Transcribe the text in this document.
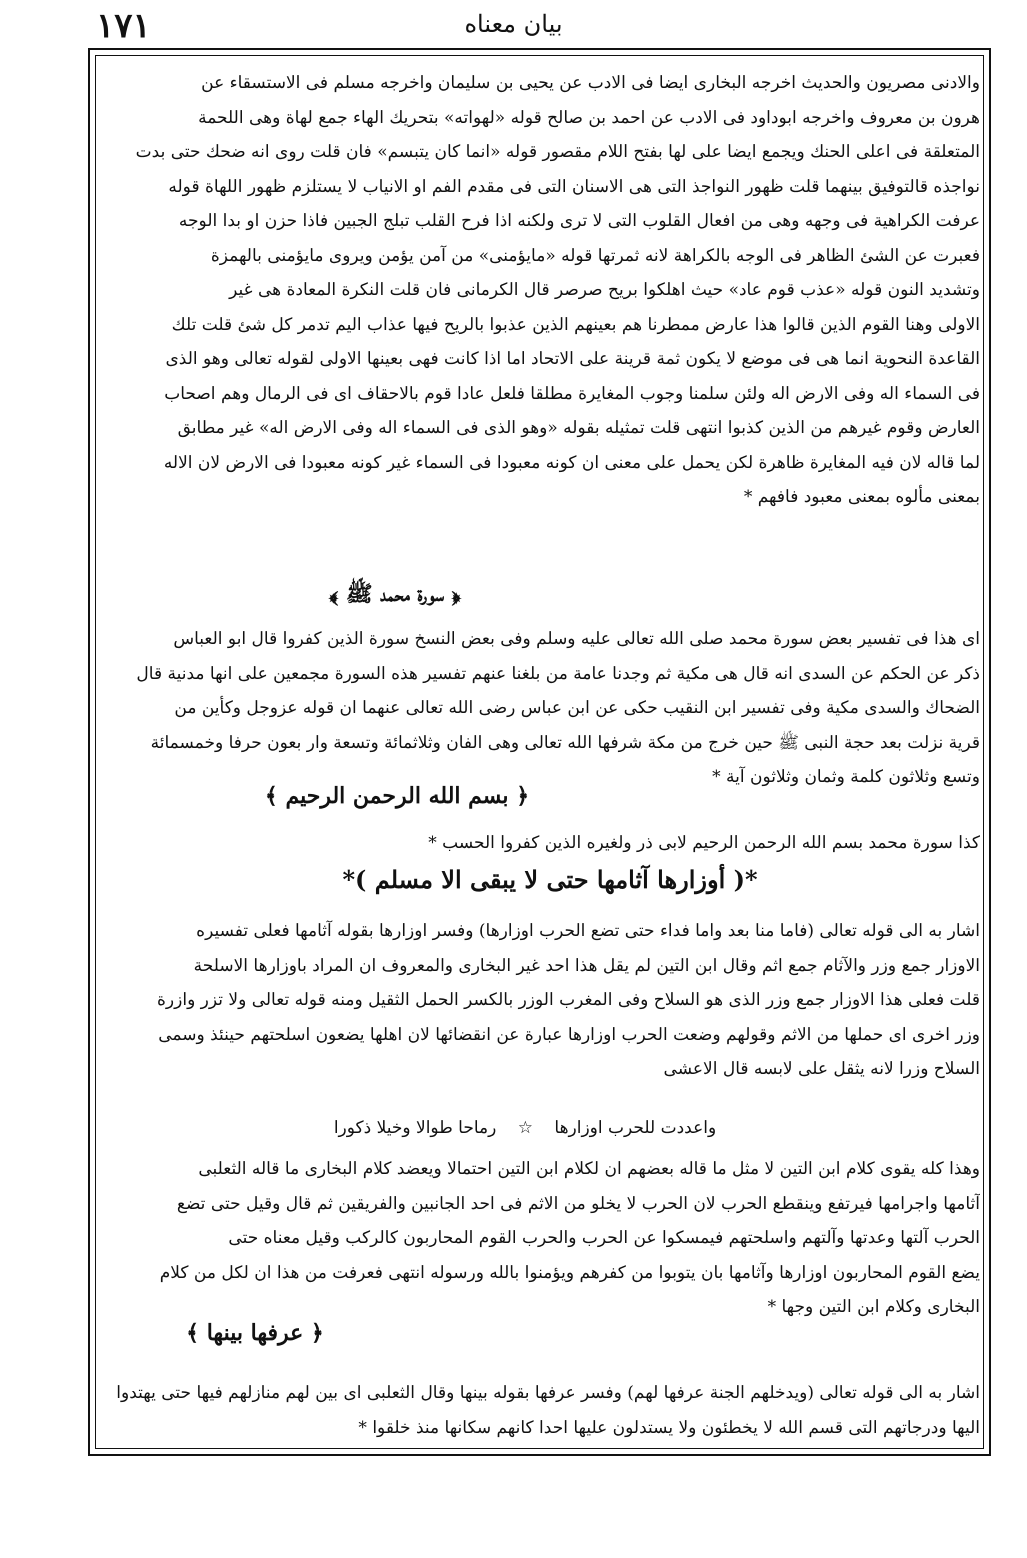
١٧١	بيان معناه
والادنى مصريون والحديث اخرجه البخارى ايضا فى الادب عن يحيى بن سليمان واخرجه مسلم فى الاستسقاء عن
هرون بن معروف واخرجه ابوداود فى الادب عن احمد بن صالح قوله «لهواته» بتحريك الهاء جمع لهاة وهى اللحمة
المتعلقة فى اعلى الحنك ويجمع ايضا على لها بفتح اللام مقصور قوله «انما كان يتبسم» فان قلت روى انه ضحك حتى بدت
نواجذه قالتوفيق بينهما قلت ظهور النواجذ التى هى الاسنان التى فى مقدم الفم او الانياب لا يستلزم ظهور اللهاة قوله
عرفت الكراهية فى وجهه وهى من افعال القلوب التى لا ترى ولكنه اذا فرح القلب تبلج الجبين فاذا حزن او بدا الوجه
فعبرت عن الشئ الظاهر فى الوجه بالكراهة لانه ثمرتها قوله «مايؤمنى» من آمن يؤمن ويروى مايؤمنى بالهمزة
وتشديد النون قوله «عذب قوم عاد» حيث اهلكوا بريح صرصر قال الكرمانى فان قلت النكرة المعادة هى غير
الاولى وهنا القوم الذين قالوا هذا عارض ممطرنا هم بعينهم الذين عذبوا بالريح فيها عذاب اليم تدمر كل شئ قلت تلك
القاعدة النحوية انما هى فى موضع لا يكون ثمة قرينة على الاتحاد اما اذا كانت فهى بعينها الاولى لقوله تعالى وهو الذى
فى السماء اله وفى الارض اله ولئن سلمنا وجوب المغايرة مطلقا فلعل عادا قوم بالاحقاف اى فى الرمال وهم اصحاب
العارض وقوم غيرهم من الذين كذبوا انتهى قلت تمثيله بقوله «وهو الذى فى السماء اله وفى الارض اله» غير مطابق
لما قاله لان فيه المغايرة ظاهرة لكن يحمل على معنى ان كونه معبودا فى السماء غير كونه معبودا فى الارض لان الاله
بمعنى مألوه بمعنى معبود فافهم *
﴿ سورة محمد ﷺ ﴾
اى هذا فى تفسير بعض سورة محمد صلى الله تعالى عليه وسلم وفى بعض النسخ سورة الذين كفروا قال ابو العباس
ذكر عن الحكم عن السدى انه قال هى مكية ثم وجدنا عامة من بلغنا عنهم تفسير هذه السورة مجمعين على انها مدنية قال
الضحاك والسدى مكية وفى تفسير ابن النقيب حكى عن ابن عباس رضى الله تعالى عنهما ان قوله عزوجل وكأين من
قرية نزلت بعد حجة النبى ﷺ حين خرج من مكة شرفها الله تعالى وهى الفان وثلاثمائة وتسعة وار بعون حرفا وخمسمائة
وتسع وثلاثون كلمة وثمان وثلاثون آية *
﴿ بسم الله الرحمن الرحيم ﴾
كذا سورة محمد بسم الله الرحمن الرحيم لابى ذر ولغيره الذين كفروا الحسب *
*( أوزارها آثامها حتى لا يبقى الا مسلم )*
اشار به الى قوله تعالى (فاما منا بعد واما فداء حتى تضع الحرب اوزارها) وفسر اوزارها بقوله آثامها فعلى تفسيره
الاوزار جمع وزر والآثام جمع اثم وقال ابن التين لم يقل هذا احد غير البخارى والمعروف ان المراد باوزارها الاسلحة
قلت فعلى هذا الاوزار جمع وزر الذى هو السلاح وفى المغرب الوزر بالكسر الحمل الثقيل ومنه قوله تعالى ولا تزر وازرة
وزر اخرى اى حملها من الاثم وقولهم وضعت الحرب اوزارها عبارة عن انقضائها لان اهلها يضعون اسلحتهم حينئذ وسمى
السلاح وزرا لانه يثقل على لابسه قال الاعشى
واعددت للحرب اوزارها ☆ رماحا طوالا وخيلا ذكورا
وهذا كله يقوى كلام ابن التين لا مثل ما قاله بعضهم ان لكلام ابن التين احتمالا ويعضد كلام البخارى ما قاله الثعلبى
آثامها واجرامها فيرتفع وينقطع الحرب لان الحرب لا يخلو من الاثم فى احد الجانبين والفريقين ثم قال وقيل حتى تضع
الحرب آلتها وعدتها وآلتهم واسلحتهم فيمسكوا عن الحرب والحرب القوم المحاربون كالركب وقيل معناه حتى
يضع القوم المحاربون اوزارها وآثامها بان يتوبوا من كفرهم ويؤمنوا بالله ورسوله انتهى فعرفت من هذا ان لكل من كلام
البخارى وكلام ابن التين وجها *
﴿ عرفها بينها ﴾
اشار به الى قوله تعالى (ويدخلهم الجنة عرفها لهم) وفسر عرفها بقوله بينها وقال الثعلبى اى بين لهم منازلهم فيها حتى يهتدوا
اليها ودرجاتهم التى قسم الله لا يخطئون ولا يستدلون عليها احدا كانهم سكانها منذ خلقوا *
